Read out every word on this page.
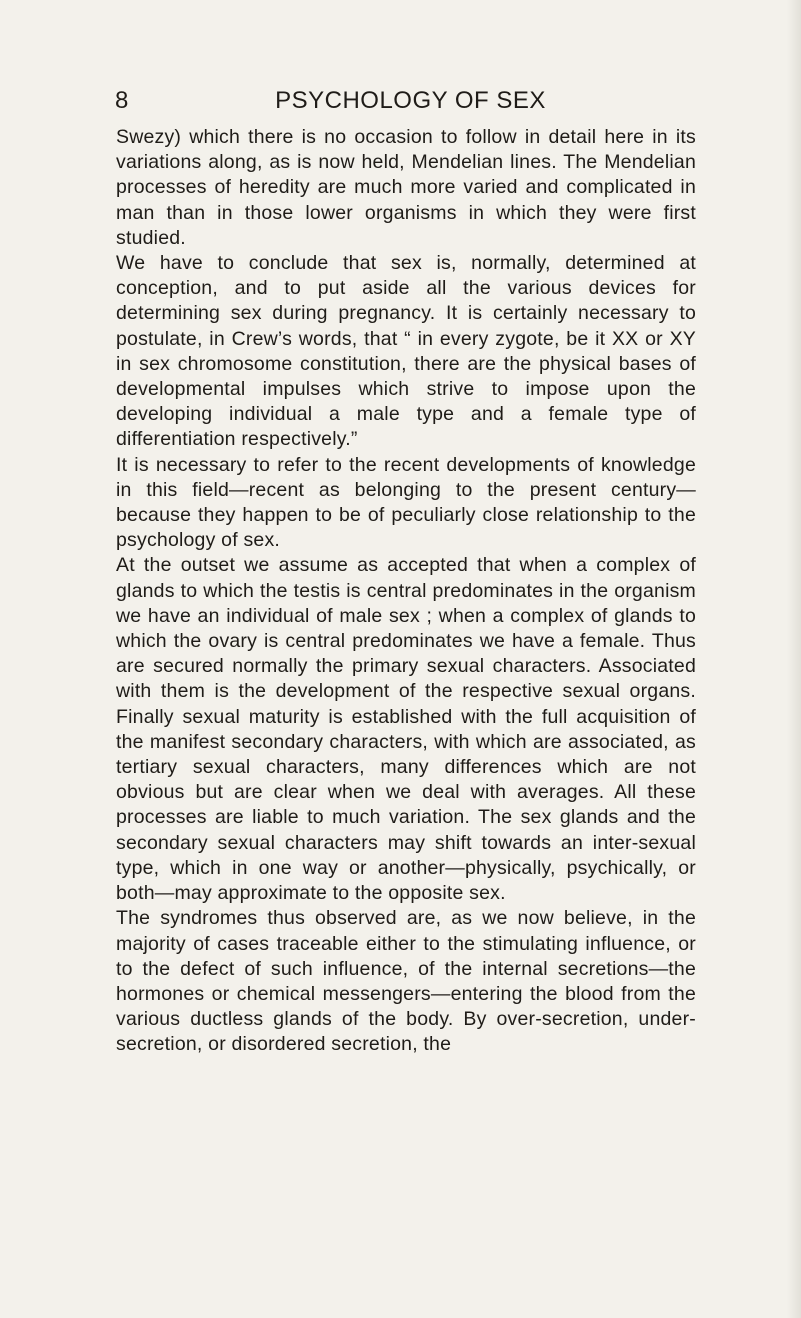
8	PSYCHOLOGY OF SEX

Swezy) which there is no occasion to follow in detail here in its variations along, as is now held, Mendelian lines. The Mendelian processes of heredity are much more varied and complicated in man than in those lower organisms in which they were first studied.

We have to conclude that sex is, normally, determined at conception, and to put aside all the various devices for determining sex during pregnancy. It is certainly necessary to postulate, in Crew’s words, that “ in every zygote, be it XX or XY in sex chromosome constitution, there are the physical bases of developmental impulses which strive to impose upon the developing individual a male type and a female type of differentiation respectively.”

It is necessary to refer to the recent developments of knowledge in this field—recent as belonging to the present century—because they happen to be of peculiarly close relationship to the psychology of sex.

At the outset we assume as accepted that when a complex of glands to which the testis is central predominates in the organism we have an individual of male sex ; when a complex of glands to which the ovary is central predominates we have a female. Thus are secured normally the primary sexual characters. Associated with them is the development of the respective sexual organs. Finally sexual maturity is established with the full acquisition of the manifest secondary characters, with which are associated, as tertiary sexual characters, many differences which are not obvious but are clear when we deal with averages. All these processes are liable to much variation. The sex glands and the secondary sexual characters may shift towards an inter-sexual type, which in one way or another—physically, psychically, or both—may approximate to the opposite sex.

The syndromes thus observed are, as we now believe, in the majority of cases traceable either to the stimulating influence, or to the defect of such influence, of the internal secretions—the hormones or chemical messengers—entering the blood from the various ductless glands of the body. By over-secretion, under-secretion, or disordered secretion, the
